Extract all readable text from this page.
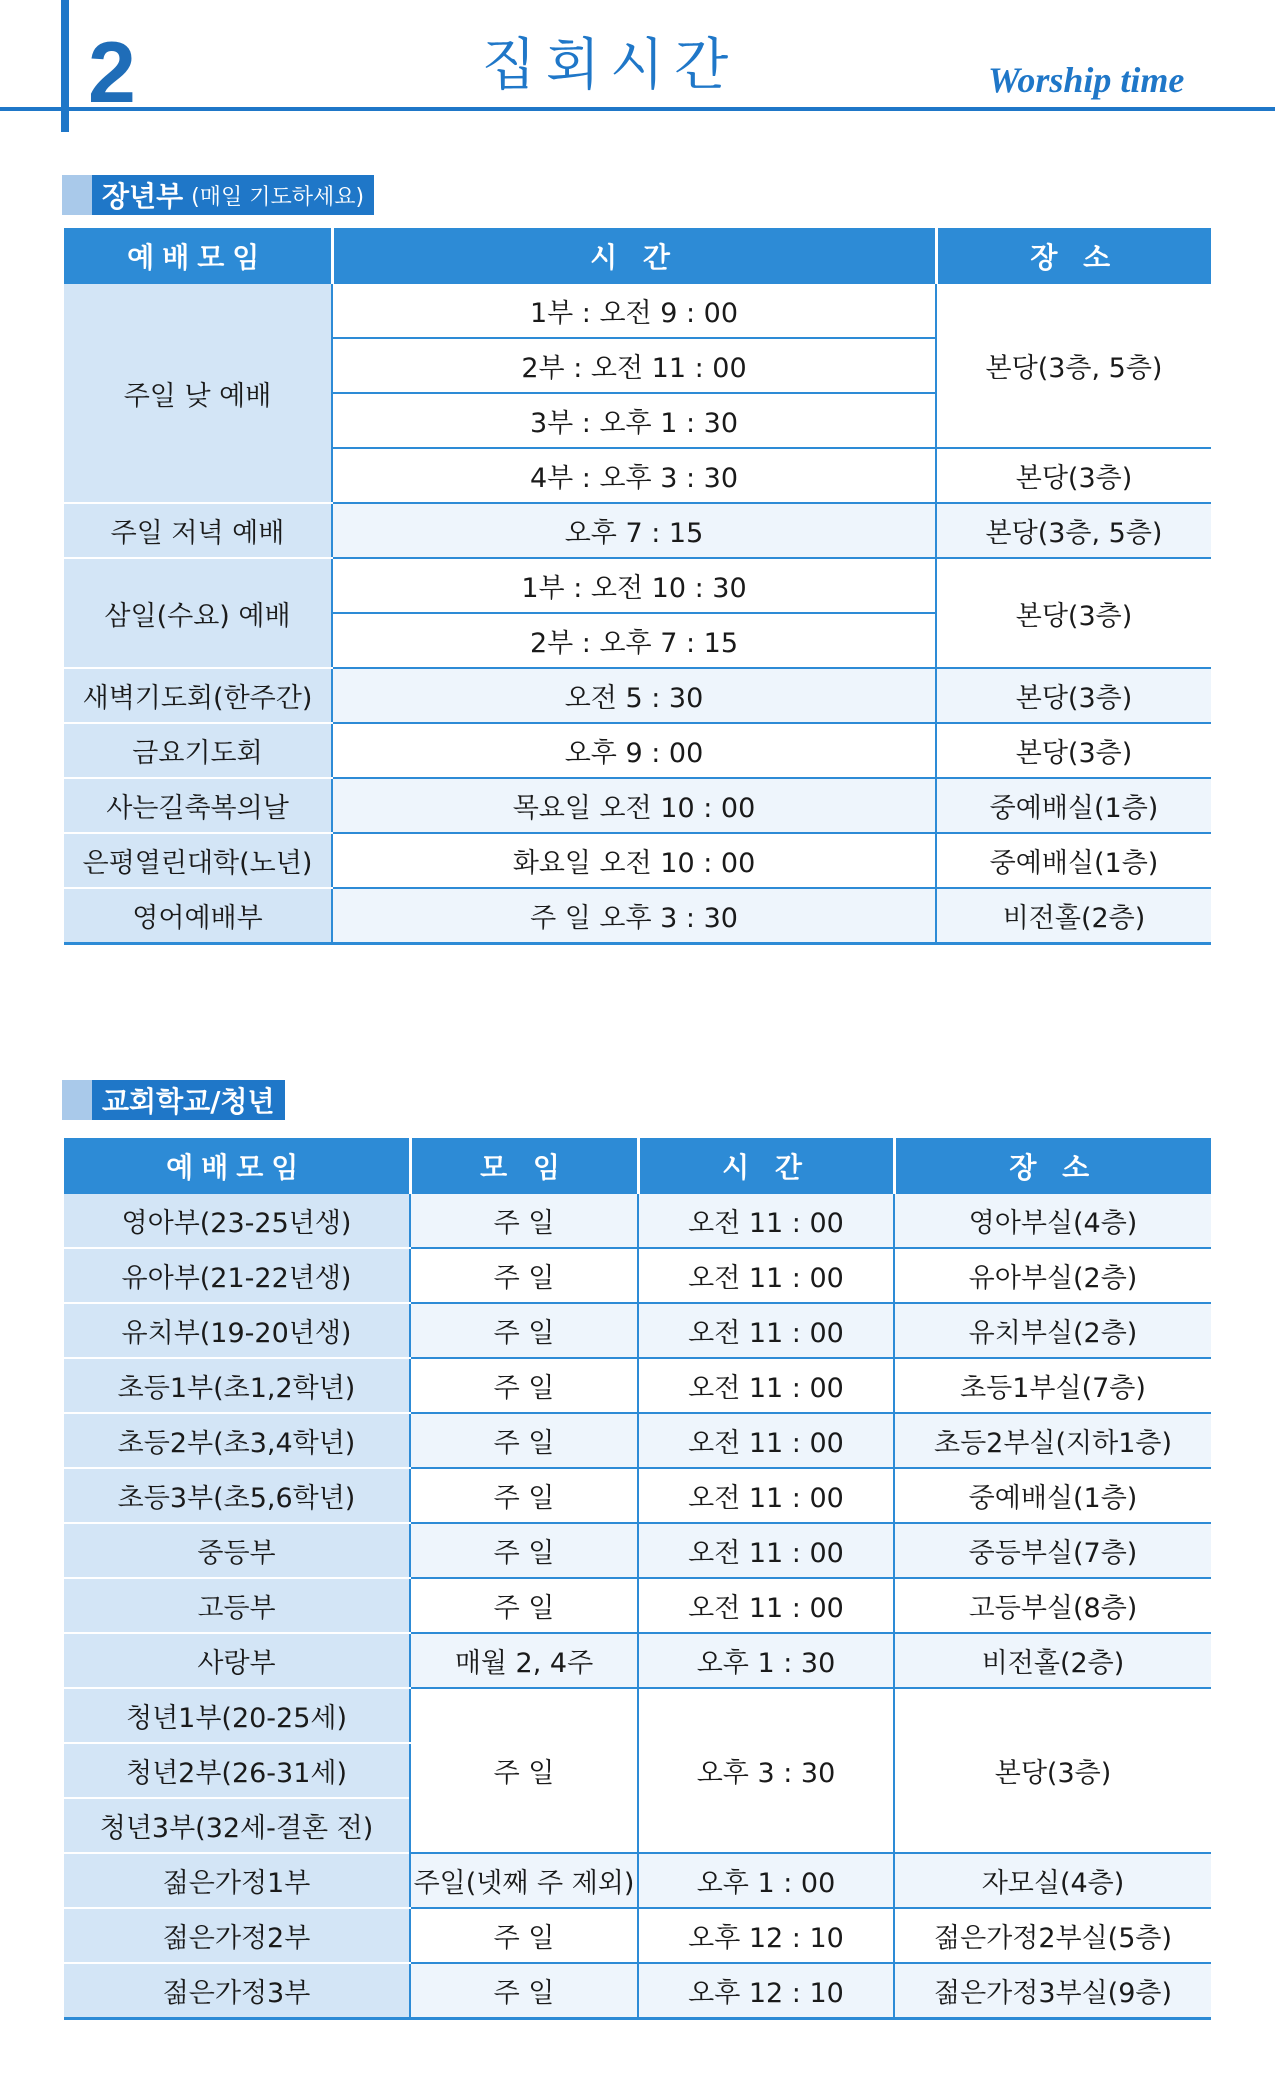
2	집회시간	Worship time
장년부 (매일 기도하세요)
예배모임	시 간	장 소
주일 낮 예배	1부 : 오전 9 : 00	본당(3층, 5층)
	2부 : 오전 11 : 00	
	3부 : 오후 1 : 30	
	4부 : 오후 3 : 30	본당(3층)
주일 저녁 예배	오후 7 : 15	본당(3층, 5층)
삼일(수요) 예배	1부 : 오전 10 : 30	본당(3층)
	2부 : 오후 7 : 15	
새벽기도회(한주간)	오전 5 : 30	본당(3층)
금요기도회	오후 9 : 00	본당(3층)
사는길축복의날	목요일 오전 10 : 00	중예배실(1층)
은평열린대학(노년)	화요일 오전 10 : 00	중예배실(1층)
영어예배부	주 일 오후 3 : 30	비전홀(2층)
교회학교/청년
예배모임	모 임	시 간	장 소
영아부(23-25년생)	주 일	오전 11 : 00	영아부실(4층)
유아부(21-22년생)	주 일	오전 11 : 00	유아부실(2층)
유치부(19-20년생)	주 일	오전 11 : 00	유치부실(2층)
초등1부(초1,2학년)	주 일	오전 11 : 00	초등1부실(7층)
초등2부(초3,4학년)	주 일	오전 11 : 00	초등2부실(지하1층)
초등3부(초5,6학년)	주 일	오전 11 : 00	중예배실(1층)
중등부	주 일	오전 11 : 00	중등부실(7층)
고등부	주 일	오전 11 : 00	고등부실(8층)
사랑부	매월 2, 4주	오후 1 : 30	비전홀(2층)
청년1부(20-25세)	주 일	오후 3 : 30	본당(3층)
청년2부(26-31세)			
청년3부(32세-결혼 전)			
젊은가정1부	주일(넷째 주 제외)	오후 1 : 00	자모실(4층)
젊은가정2부	주 일	오후 12 : 10	젊은가정2부실(5층)
젊은가정3부	주 일	오후 12 : 10	젊은가정3부실(9층)
